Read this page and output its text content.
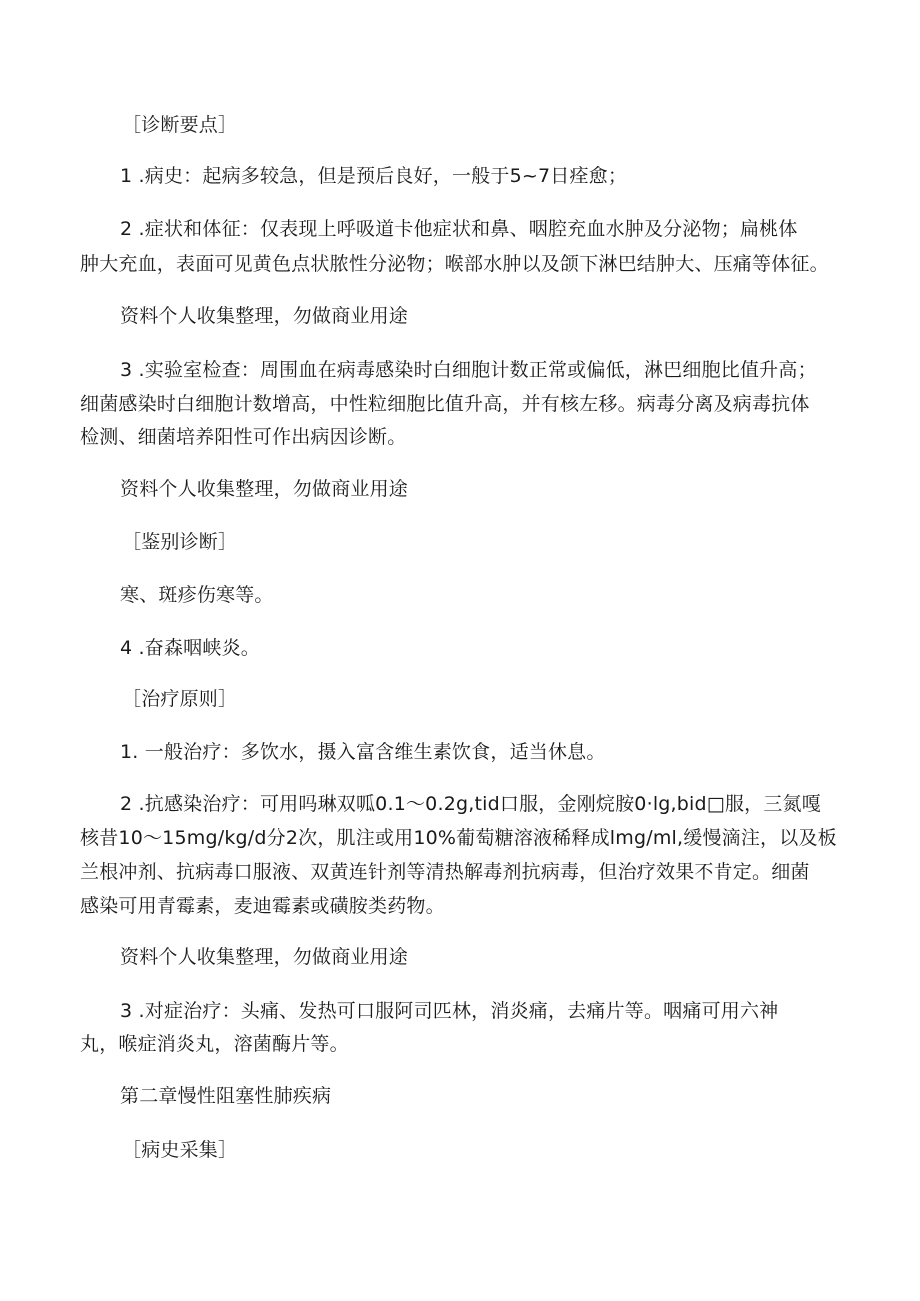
［诊断要点］
1 .病史：起病多较急，但是预后良好，一般于5~7日痊愈；
2 .症状和体征：仅表现上呼吸道卡他症状和鼻、咽腔充血水肿及分泌物；扁桃体
肿大充血，表面可见黄色点状脓性分泌物；喉部水肿以及颌下淋巴结肿大、压痛等体征。
资料个人收集整理，勿做商业用途
3 .实验室检查：周围血在病毒感染时白细胞计数正常或偏低，淋巴细胞比值升高；
细菌感染时白细胞计数增高，中性粒细胞比值升高，并有核左移。病毒分离及病毒抗体
检测、细菌培养阳性可作出病因诊断。
资料个人收集整理，勿做商业用途
［鉴别诊断］
寒、斑疹伤寒等。
4 .奋森咽峡炎。
［治疗原则］
1. 一般治疗：多饮水，摄入富含维生素饮食，适当休息。
2 .抗感染治疗：可用吗琳双呱0.1～0.2g,tid口服，金刚烷胺0·lg,bid□服，三氮嘎
核昔10～15mg∕kg∕d分2次，肌注或用10%葡萄糖溶液稀释成lmg∕ml,缓慢滴注，以及板
兰根冲剂、抗病毒口服液、双黄连针剂等清热解毒剂抗病毒，但治疗效果不肯定。细菌
感染可用青霉素，麦迪霉素或磺胺类药物。
资料个人收集整理，勿做商业用途
3 .对症治疗：头痛、发热可口服阿司匹林，消炎痛，去痛片等。咽痛可用六神
丸，喉症消炎丸，溶菌酶片等。
第二章慢性阻塞性肺疾病
［病史采集］
